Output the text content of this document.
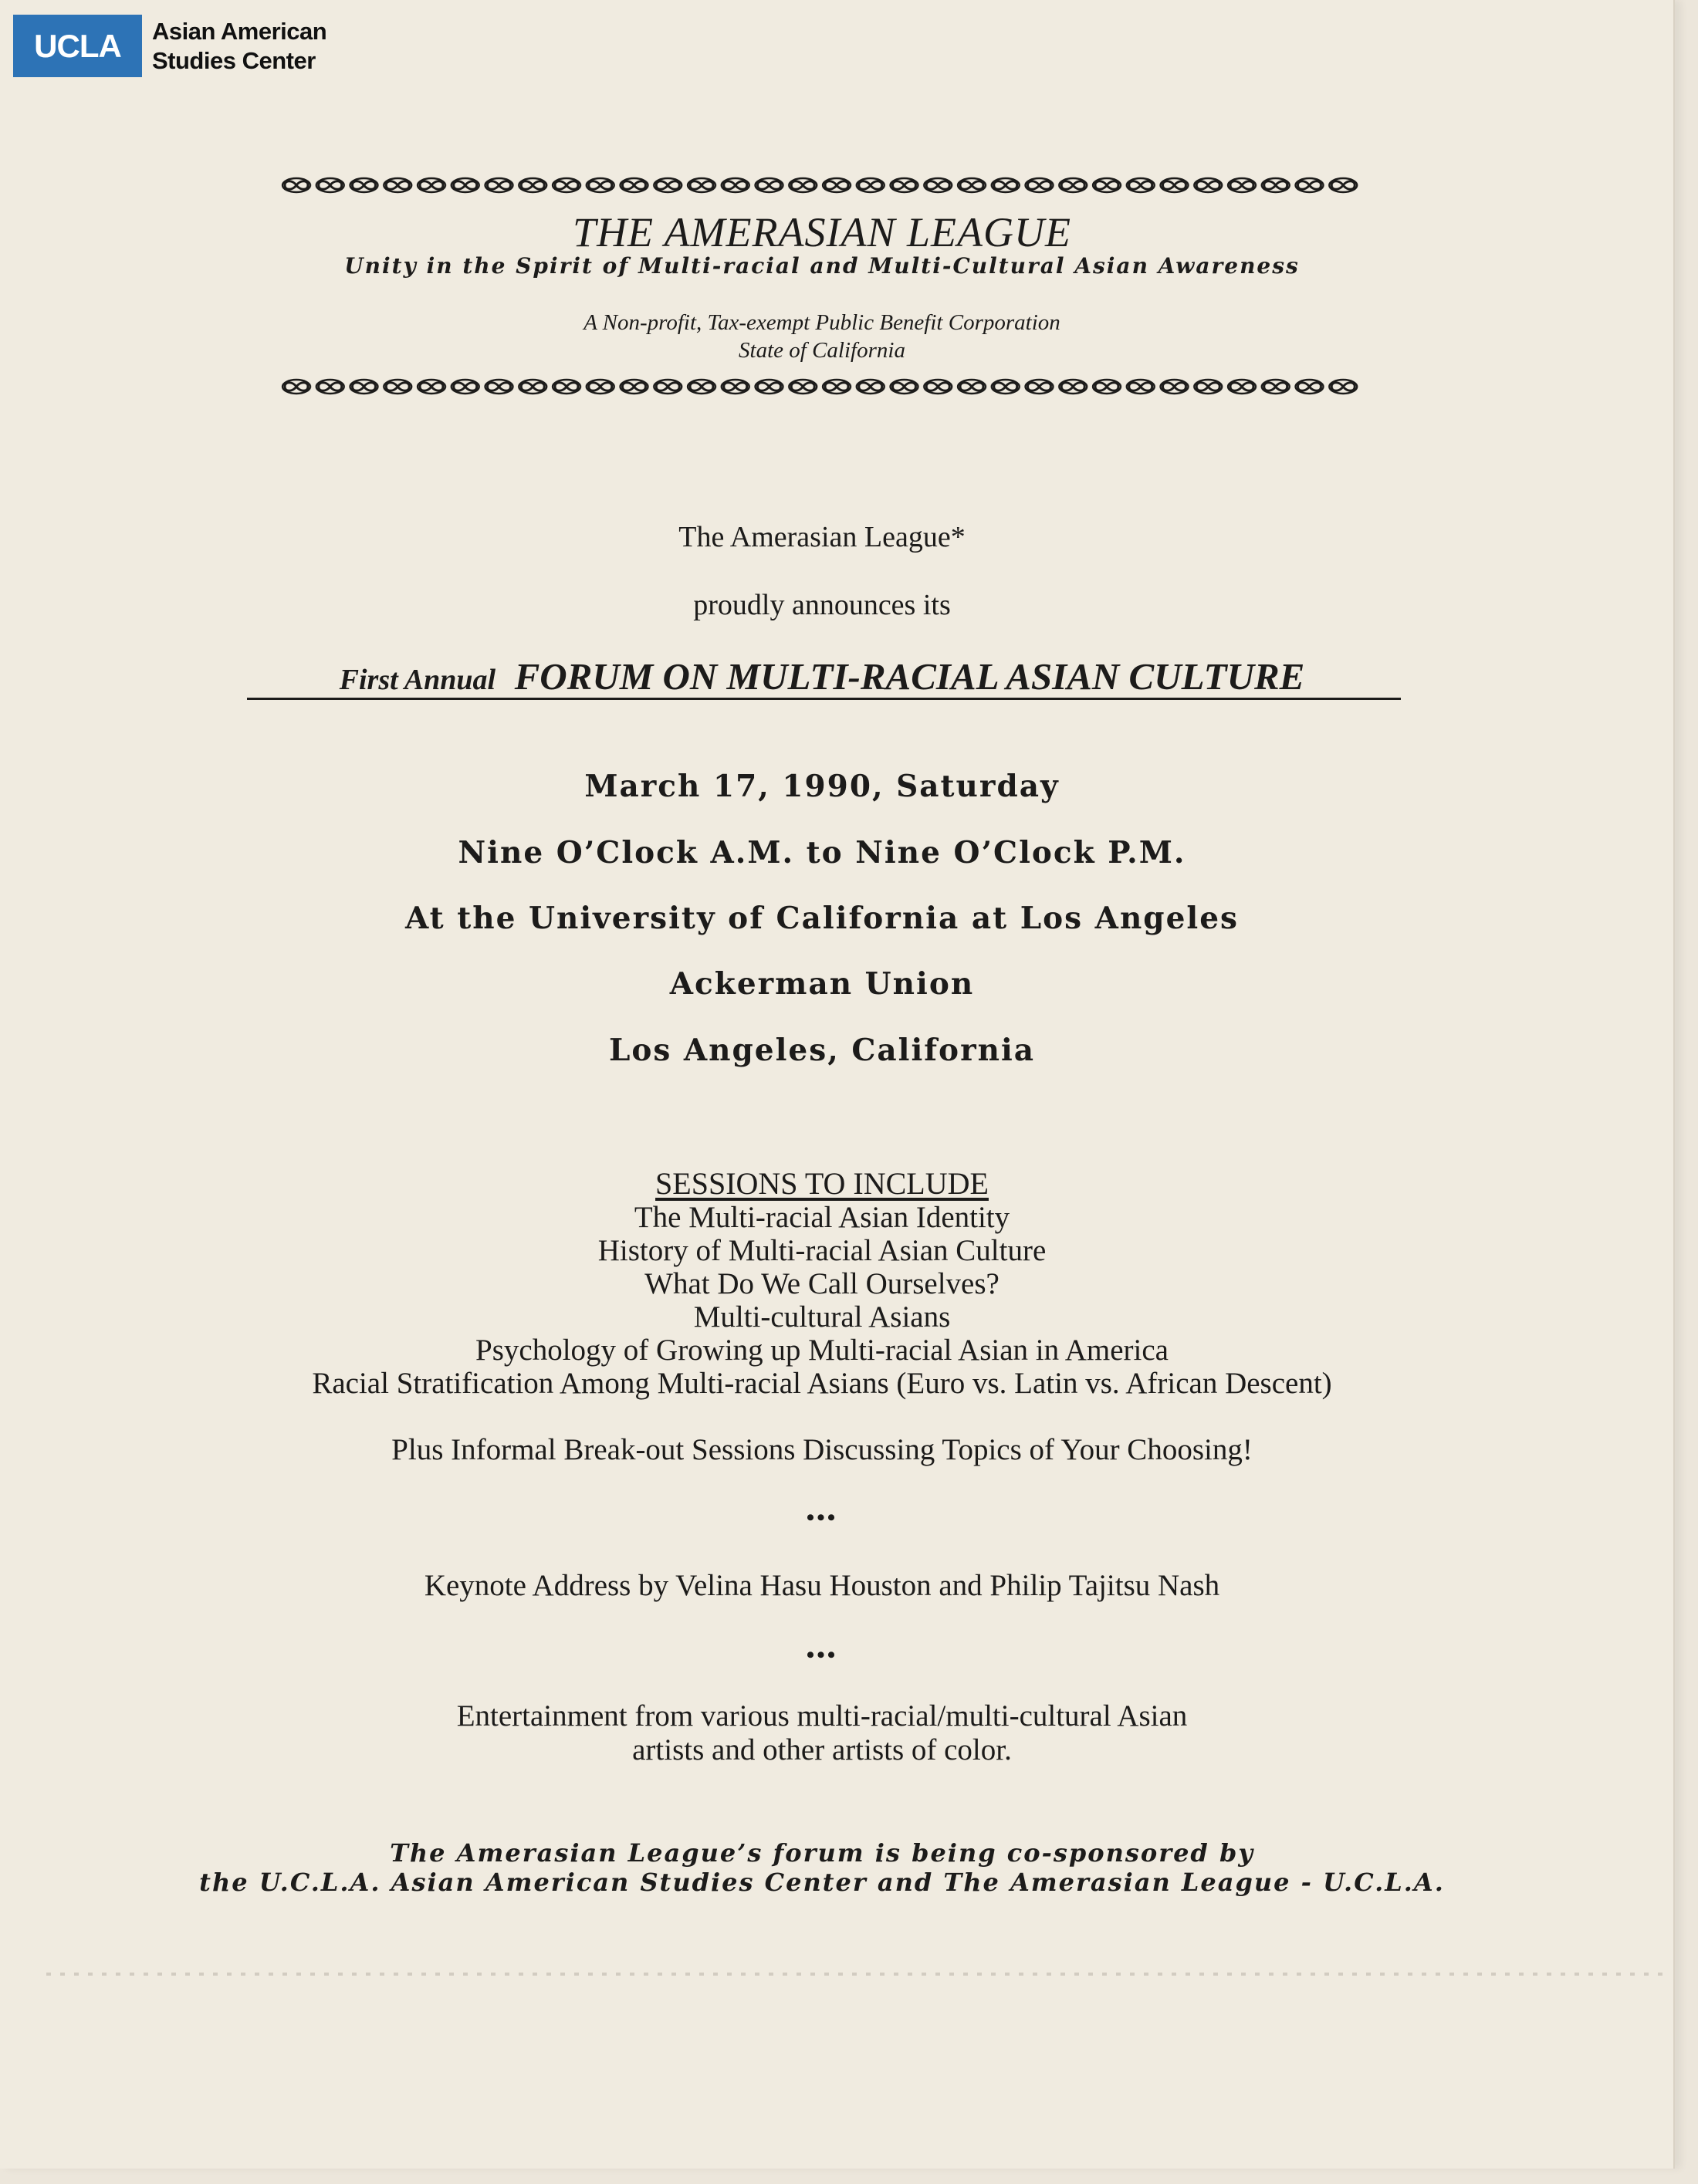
UCLA	Asian American
Studies Center
THE AMERASIAN LEAGUE
Unity in the Spirit of Multi-racial and Multi-Cultural Asian Awareness
A Non-profit, Tax-exempt Public Benefit Corporation
State of California
The Amerasian League*
proudly announces its
First Annual FORUM ON MULTI-RACIAL ASIAN CULTURE
March 17, 1990, Saturday
Nine O’Clock A.M. to Nine O’Clock P.M.
At the University of California at Los Angeles
Ackerman Union
Los Angeles, California
SESSIONS TO INCLUDE
The Multi-racial Asian Identity
History of Multi-racial Asian Culture
What Do We Call Ourselves?
Multi-cultural Asians
Psychology of Growing up Multi-racial Asian in America
Racial Stratification Among Multi-racial Asians (Euro vs. Latin vs. African Descent)
Plus Informal Break-out Sessions Discussing Topics of Your Choosing!
•••
Keynote Address by Velina Hasu Houston and Philip Tajitsu Nash
•••
Entertainment from various multi-racial/multi-cultural Asian
artists and other artists of color.
The Amerasian League’s forum is being co-sponsored by
the U.C.L.A. Asian American Studies Center and The Amerasian League - U.C.L.A.
